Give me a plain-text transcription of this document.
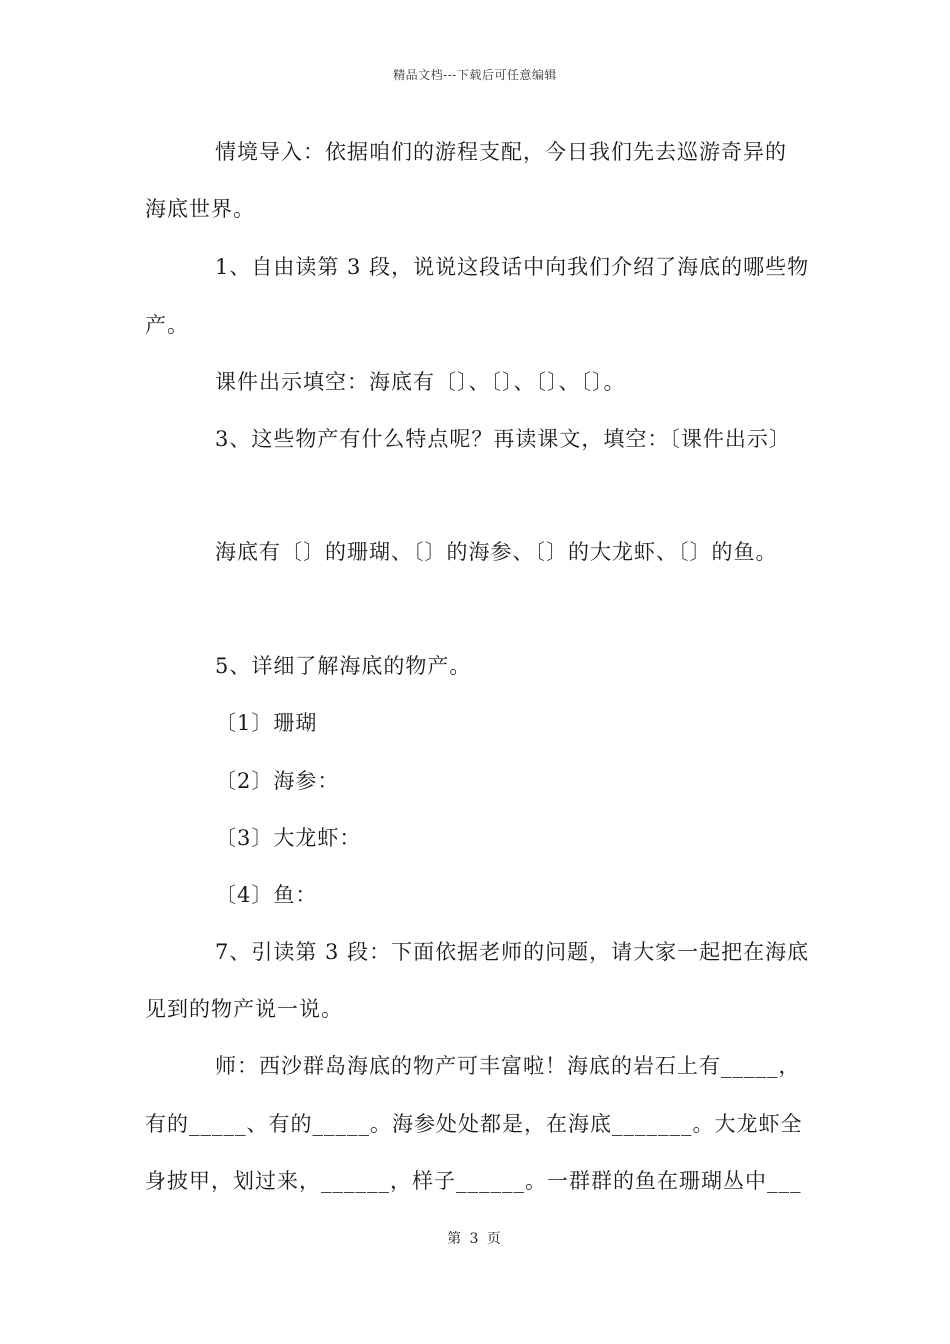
精品文档---下载后可任意编辑
情境导入：依据咱们的游程支配，今日我们先去巡游奇异的
海底世界。
1、自由读第 3 段，说说这段话中向我们介绍了海底的哪些物
产。
课件出示填空：海底有〔〕、〔〕、〔〕、〔〕。
3、这些物产有什么特点呢？再读课文，填空：〔课件出示〕
海底有〔〕的珊瑚、〔〕的海参、〔〕的大龙虾、〔〕的鱼。
5、详细了解海底的物产。
〔1〕珊瑚
〔2〕海参：
〔3〕大龙虾：
〔4〕鱼：
7、引读第 3 段：下面依据老师的问题，请大家一起把在海底
见到的物产说一说。
师：西沙群岛海底的物产可丰富啦！海底的岩石上有_____，
有的_____、有的_____。海参处处都是，在海底_______。大龙虾全
身披甲，划过来，______，样子______。一群群的鱼在珊瑚丛中___
第 3 页
